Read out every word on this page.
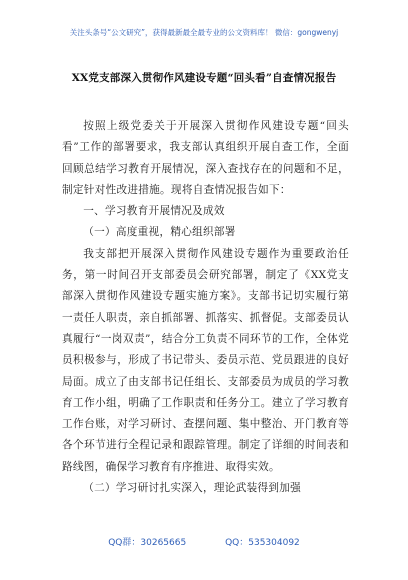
关注头条号“公文研究”，获得最新最全最专业的公文资料库！ 微信：gongwenyj
XX党支部深入贯彻作风建设专题“回头看”自查情况报告

按照上级党委关于开展深入贯彻作风建设专题“回头看”工作的部署要求，我支部认真组织开展自查工作，全面回顾总结学习教育开展情况，深入查找存在的问题和不足，制定针对性改进措施。现将自查情况报告如下：

一、学习教育开展情况及成效

（一）高度重视，精心组织部署

我支部把开展深入贯彻作风建设专题作为重要政治任务，第一时间召开支部委员会研究部署，制定了《XX党支部深入贯彻作风建设专题实施方案》。支部书记切实履行第一责任人职责，亲自抓部署、抓落实、抓督促。支部委员认真履行“一岗双责”，结合分工负责不同环节的工作，全体党员积极参与，形成了书记带头、委员示范、党员跟进的良好局面。成立了由支部书记任组长、支部委员为成员的学习教育工作小组，明确了工作职责和任务分工。建立了学习教育工作台账，对学习研讨、查摆问题、集中整治、开门教育等各个环节进行全程记录和跟踪管理。制定了详细的时间表和路线图，确保学习教育有序推进、取得实效。

（二）学习研讨扎实深入，理论武装得到加强

QQ群：30265665	QQ：535304092
